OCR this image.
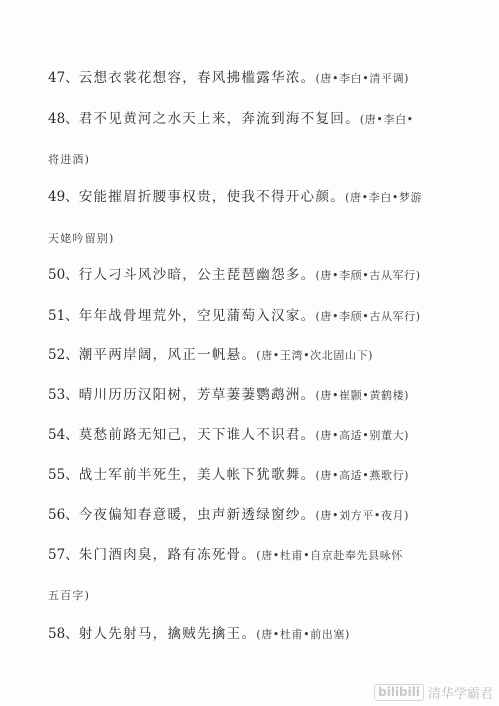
47、云想衣裳花想容，春风拂槛露华浓。(唐•李白•清平调)
48、君不见黄河之水天上来，奔流到海不复回。(唐•李白•
将进酒)
49、安能摧眉折腰事权贵，使我不得开心颜。(唐•李白•梦游
天姥吟留别)
50、行人刁斗风沙暗，公主琵琶幽怨多。(唐•李颀•古从军行)
51、年年战骨埋荒外，空见蒲萄入汉家。(唐•李颀•古从军行)
52、潮平两岸阔，风正一帆悬。(唐•王湾•次北固山下)
53、晴川历历汉阳树，芳草萋萋鹦鹉洲。(唐•崔颢•黄鹤楼)
54、莫愁前路无知己，天下谁人不识君。(唐•高适•别董大)
55、战士军前半死生，美人帐下犹歌舞。(唐•高适•燕歌行)
56、今夜偏知春意暖，虫声新透绿窗纱。(唐•刘方平•夜月)
57、朱门酒肉臭，路有冻死骨。(唐•杜甫•自京赴奉先县咏怀
五百字)
58、射人先射马，擒贼先擒王。(唐•杜甫•前出塞)
bilibili 清华学霸君
